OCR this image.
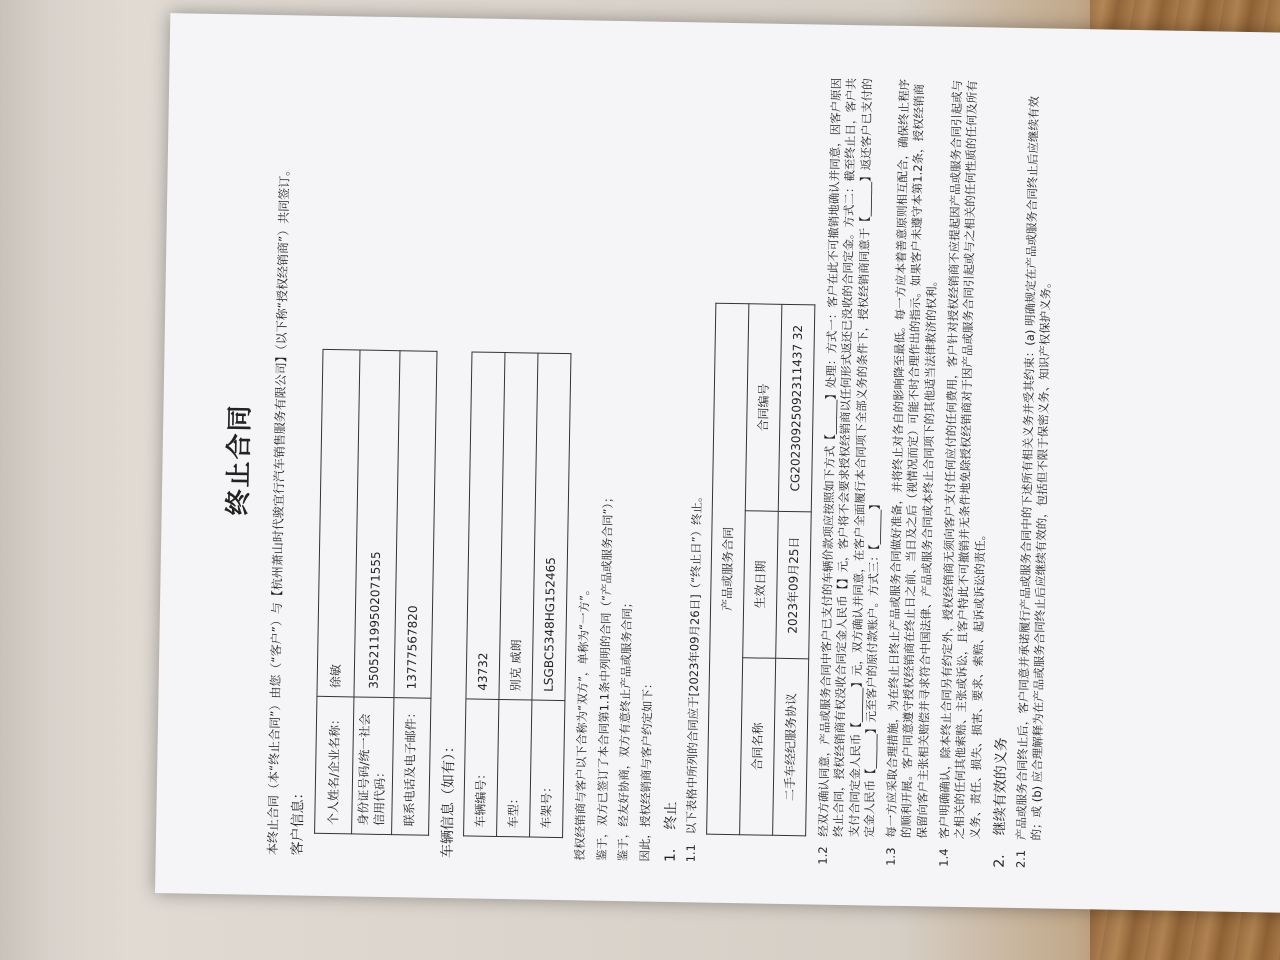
终止合同 本终止合同（本“终止合同”）由您（“客户”）与【杭州萧山时代骏宜行汽车销售服务有限公司】（以下称“授权经销商”）共同签订。

客户信息：	个人姓名/企业名称：	徐敏
身份证号码/统一社会信用代码：	350521199502071555
联系电话及电子邮件：	13777567820
车辆信息（如有）：	车辆编号：	43732
车型：	别克 威朗
车架号：	LSGBC5348HG152465 授权经销商与客户以下合称为“双方”，单称为“一方”。 鉴于，双方已签订了本合同第1.1条中列明的合同（“产品或服务合同”）； 鉴于，经友好协商，双方有意终止产品或服务合同； 因此，授权经销商与客户约定如下： 1. 终止
1.1
以下表格中所列的合同应于[2023年09月26日]（“终止日”）终止。	产品或服务合同		
合同名称	生效日期	合同编号
二手车经纪服务协议	2023年09月25日	CG20230925092311437 32
1.2
经双方确认同意，产品或服务合同中客户已支付的车辆价款项应按照如下方式【______】处理：方式一：客户在此不可撤销地确认并同意，因客户原因终止合同，授权经销商有权没收合同定金人民币【】元，客户将不会要求授权经销商以任何形式返还已没收的合同定金。方式二：截至终止日，客户共支付合同定金人民币【______】元，双方确认并同意，在客户全面履行本合同项下全部义务的条件下，授权经销商同意于【______】返还客户已支付的定金人民币【______】元至客户的原付款账户。方式三：【______】
1.3
每一方应采取合理措施，为在终止日终止产品或服务合同做好准备，并将终止对各自的影响降至最低。每一方应本着善意原则相互配合，确保终止程序的顺利开展。客户同意遵守授权经销商在终止日之前、当日及之后（视情况而定）可能不时合理作出的指示。如果客户未遵守本第1.2条，授权经销商保留向客户主张相关赔偿并寻求符合中国法律、产品或服务合同或本终止合同项下的其他适当法律救济的权利。
1.4
客户明确确认，除本终止合同另有约定外，授权经销商无须向客户支付任何应付的任何费用，客户针对授权经销商不应提起因产品或服务合同引起或与之相关的任何其他索赔、主张或诉讼，且客户特此不可撤销并无条件地免除授权经销商对于因产品或服务合同引起或与之相关的任何性质的任何及所有义务、责任、损失、损害、要求、索赔、起诉或诉讼的责任。
2. 继续有效的义务
2.1
产品或服务合同终止后，客户同意并承诺履行产品或服务合同中的下述所有相关义务并受其约束：(a) 明确规定在产品或服务合同终止后应继续有效的；或 (b) 应合理解释为在产品或服务合同终止后应继续有效的，包括但不限于保密义务、知识产权保护义务。
